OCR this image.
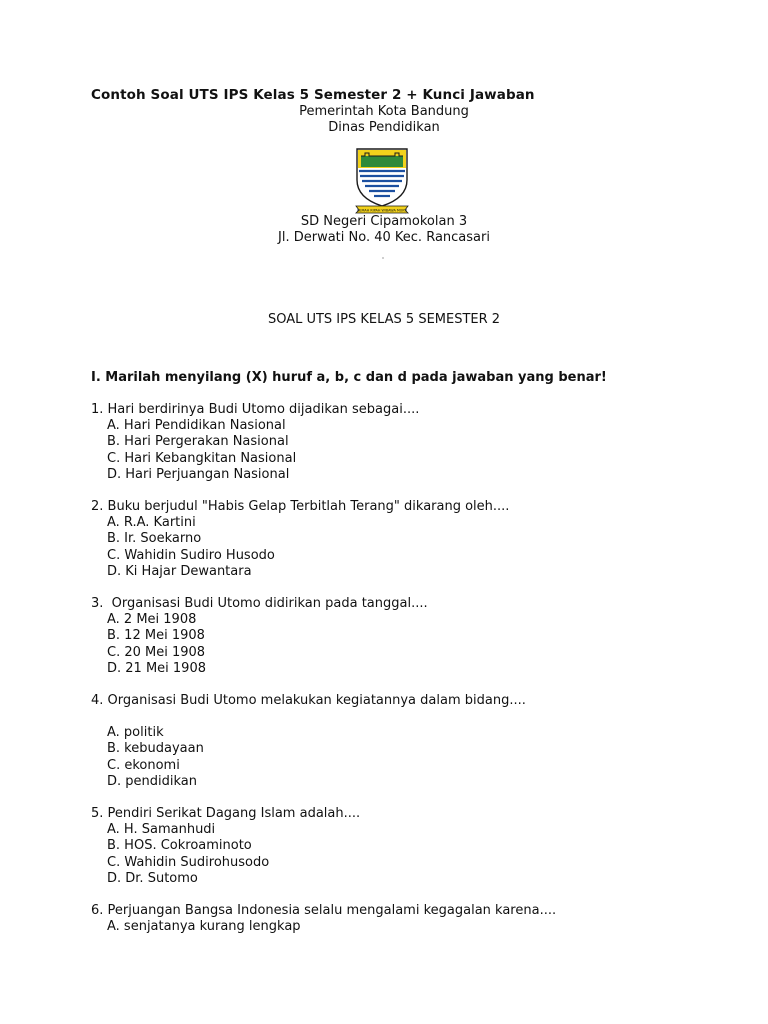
Contoh Soal UTS IPS Kelas 5 Semester 2 + Kunci Jawaban
Pemerintah Kota Bandung
Dinas Pendidikan
GEMAH RIPAH WIBAWA MUKTI
SD Negeri Cipamokolan 3
Jl. Derwati No. 40 Kec. Rancasari
SOAL UTS IPS KELAS 5 SEMESTER 2
I. Marilah menyilang (X) huruf a, b, c dan d pada jawaban yang benar!
1. Hari berdirinya Budi Utomo dijadikan sebagai....
A. Hari Pendidikan Nasional
B. Hari Pergerakan Nasional
C. Hari Kebangkitan Nasional
D. Hari Perjuangan Nasional
2. Buku berjudul "Habis Gelap Terbitlah Terang" dikarang oleh....
A. R.A. Kartini
B. Ir. Soekarno
C. Wahidin Sudiro Husodo
D. Ki Hajar Dewantara
3.  Organisasi Budi Utomo didirikan pada tanggal....
A. 2 Mei 1908
B. 12 Mei 1908
C. 20 Mei 1908
D. 21 Mei 1908
4. Organisasi Budi Utomo melakukan kegiatannya dalam bidang....
A. politik
B. kebudayaan
C. ekonomi
D. pendidikan
5. Pendiri Serikat Dagang Islam adalah....
A. H. Samanhudi
B. HOS. Cokroaminoto
C. Wahidin Sudirohusodo
D. Dr. Sutomo
6. Perjuangan Bangsa Indonesia selalu mengalami kegagalan karena....
A. senjatanya kurang lengkap
